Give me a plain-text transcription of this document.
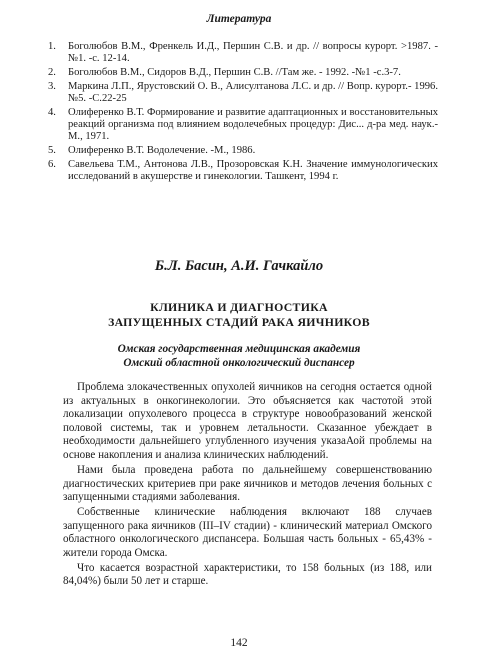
Литература
1.	Боголюбов В.М., Френкель И.Д., Першин С.В. и др. // вопросы курорт. >1987. -№1. -с. 12-14.
2.	Боголюбов В.М., Сидоров В.Д., Першин С.В. //Там же. - 1992. -№1 -с.3-7.
3.	Маркина Л.П., Ярустовский О. В., Алисултанова Л.С. и др. // Вопр. курорт.- 1996. №5. -С.22-25
4.	Олиференко В.Т. Формирование и развитие адаптационных и восстановительных реакций организма под влиянием водолечебных процедур: Дис... д-ра мед. наук.-М., 1971.
5.	Олиференко В.Т. Водолечение. -М., 1986.
6.	Савельева Т.М., Антонова Л.В., Прозоровская К.Н. Значение иммунологических исследований в акушерстве и гинекологии. Ташкент, 1994 г.
Б.Л. Басин, А.И. Гачкайло
КЛИНИКА И ДИАГНОСТИКА
ЗАПУЩЕННЫХ СТАДИЙ РАКА ЯИЧНИКОВ
Омская государственная медицинская академия
Омский областной онкологический диспансер

Проблема злокачественных опухолей яичников на сегодня остается одной из актуальных в онкогинекологии. Это объясняется как частотой этой локализации опухолевого процесса в структуре новообразований женской половой системы, так и уровнем летальности. Сказанное убеждает в необходимости дальнейшего углубленного изучения указаАой проблемы на основе накопления и анализа клинических наблюдений.

Нами была проведена работа по дальнейшему совершенствованию диагностических критериев при раке яичников и методов лечения больных с запущенными стадиями заболевания.

Собственные клинические наблюдения включают 188 случаев запущенного рака яичников (III–IV стадии) - клинический материал Омского областного онкологического диспансера. Большая часть больных - 65,43% - жители города Омска.

Что касается возрастной характеристики, то 158 больных (из 188, или 84,04%) были 50 лет и старше.

142
